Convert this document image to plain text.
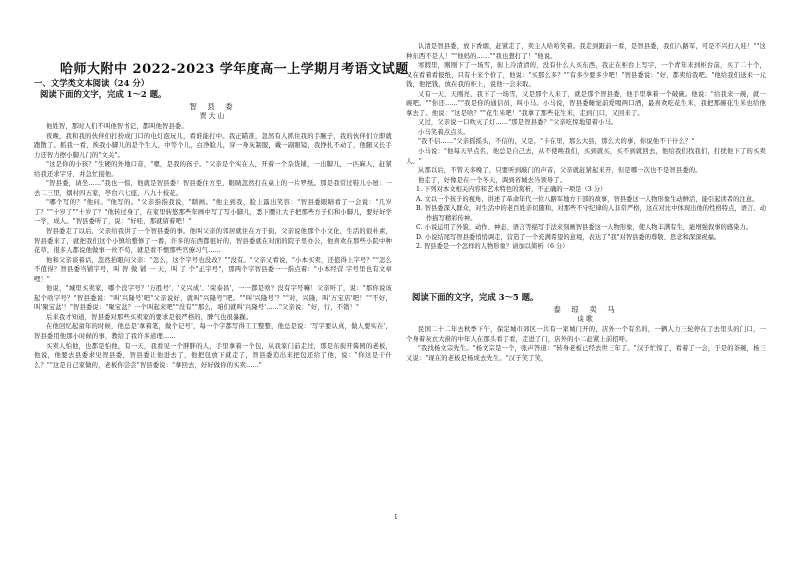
哈师大附中 2022-2023 学年度高一上学期月考语文试题
一、文学类文本阅读（24 分）
阅读下面的文字，完成 1～2 题。
智 县 委
贾大山

他姓智，那时人们不叫他智书记，都叫他智县委。

夜晚，我和我的伙伴们打扮成门口的电灯泡玩儿，看谁能打中。我正瞄准，忽然有人抓住我的手腕子，我的伙伴们立即就跑散了。抓我一看，挨我小脚儿的是个生人，中等个儿，白净脸儿，穿一身灰制服，戴一副眼镜，我挣扎不动了，他腿又长手力还智力擦小脚儿门的"文关"。

"这是你的小孩？"生硬的外地口音，"嗯，是我的孩子。"父亲是个实在人，开着一个杂货铺，一出脚儿，一匹麻人，赶紧给我还求字牙，并急忙接他。

"智县委，请坐……"我也一惊，他就是智县委！智县委住方至，眼睛忽然打在桌上的一片罗纸。那是我常过鞋儿小屋：一去二三里，烟村四五家，亭台六七座，八九十枝花。

"哪个写的？"他问。"他写的。"父亲指指我说，"瞎画。"他主到我，脸上露出笑容："智县委眼睛看了一会说："几岁了？""十岁了""十岁了？"他转过身了，在家里转悠那些年画中写了写小脚儿，悉下腰让大子把那些方子们和小脚儿，要好好学一学，成人。"智县委听了，说："好哇，那就留着吧！"

智县委走了以后，父亲给我讲了一个智县委的事。他叫父亲的邻居就住在方于街，父亲说他那个小文化，生活的很朴素，智县委来了，就把我们这个小镇给整修了一番，许多的东西都很好的，智县委就在对面的院子里办公，他喜欢在那些小院中种花草，很多人都说他做事一丝不苟，就是看不惯那些官僚习气……

他和父亲谈着话，忽然抬眼问父亲："怎么，这个字号也没改？""没有。"父亲又看说，"小本买卖，还值得上字号？""怎么不值得？智县委当铺字号，叫 智 做 铺 一 天，叫 了 个"正字号"，那两个字智县委一一指点着："小本经营 字号里也有文章哩！"

他说，"城里买卖家，哪个没字号？'万胜号'、'义兴成'、'荣泰昌'，一一都是啥？没有字号嘛！父亲听了，说："那你说该起个啥字号？"智县委说："叫'兴隆号'吧"父亲说好，就叫"兴隆号"吧。""叫'兴隆号'？""对，兴隆，叫'万宝店'吧！""不好，叫'聚宝盆'！"智县委说："聚宝盆？一个叫起来吧""没有""那么，咱们就叫'兴隆号'……"父亲说："好，行，不错！"

后来我才知道，智县委对那些买卖家的要求是很严格的，脾气也很暴躁。

在他回忆起童年的时候，他总是'拿着笔，做个记号'，每一个字都写得工工整整，他总是说：'写字要认真，做人要实在'，智县委用他那小时候的事，教给了我许多道理……

买卖人怕他，也都是怕他，有一天，我看见一个胖胖的人，手里拿着一个包，从我家门前走过，那是东街开酱园的老板，他说，他要去县委求见智县委，智县委让他进去了，他把包放下就走了，智县委追出来把包还给了他，说："你这是干什么？""这是自己家做的，老板你尝尝"智县委说："拿回去，好好做你的买卖……"

认清是智县委，放下香烟，赶紧走了，卖主人哈哈笑着。我走到跟前一看，是智县委，我们八路军，可是不兴打人哇！""这种东西不是人！""他妈的……""我也想打了！"他说。

寒假里，刚刚下了一场雪，街上冷清清的，没有什么人买东西，我正在柜台上写字，一个青年来到柜台前，买了二十个，又在看着看报纸，只有十来个价了，他说："买那么多？""有多少要多少吧！"智县委说："好，都卖给我吧。"他给我们送来一元钱，他把钱，放在我的柜上，说他一会来取。

又有一天，天刚亮，我下了一场雪，又是那个人来了，就是那个智县委，他手里拿着一个破碗。他说："给我来一碗，就一碗吧。""你还……""我是你的通信员，叫小马。小马说，智县委睡觉前爱喝两口酒，最喜欢吃花生米，我把那碗花生米也给他拿去了。他说："这是啥？""花生米吧！"我拿了那些花生米，走到门口，又回来了。

又过，父亲说一口吹灭了灯……"那是智县委？"父亲吃惊地望着小马。

小马笑着点点头。

"我不信……"父亲摇摇头，不信的，又是，"卡在里，那么大县，那么大的事，你说他不干什么？"

小马说："他每天早点名，他总是自己去，从不使唤我们，买到就买，买不到就回去，他给我们找我们，打扰他下了的买卖人。"

从那以后，不管天多晚了，只要听到敲门的声音，父亲就赶紧起来开，但是哪一次也不是智县委的。

他走了，好像是在一个冬天，调到省城去当领导了。

1. 下列对本文相关内容和艺术特色的赏析，不正确的一项是（3 分）

A. 文以一个孩子的视角，讲述了革命年代一位八路军地方干部的故事，智县委这一人物形象生动鲜活，能引起读者的注意。

B. 智县委深入群众，对生活中的老百姓亲切随和，对那些不守纪律的人非常严格，这在对比中体现出他的性格特点，语言、动作描写精彩传神。

C. 小说运用了外貌、动作、神态、语言等描写手法来刻画智县委这一人物形象，使人物丰满有生，能增强叙事的感染力。

D. 小说结尾写智县委悄悄调走，营造了一个充满希望的意境，表达了"我"对智县委的尊敬、思念和深深祝福。

2. 智县委是一个怎样的人物形象？请加以简析（6 分）

阅读下面的文字，完成 3～5 题。
泰 琼 卖 马
谈歌

民国二十二年去秋季下午，保定城市郊区一共有一家城门开的，店外一个有名的，一辆人力三轮停在了去里头的门口，一个身着灰衣大褂的中年人在那头看了看，走进了门，店外的小二赶紧上前招呼。

"我找杨文宗先生。"杨文宗是一个，张声答道："转身老板已经去世三年了。"汉子忙惊了，看着了一会，于是的茶碗，杨三又说："现在的老板是杨成去先生。"汉子笑了笑，

1
